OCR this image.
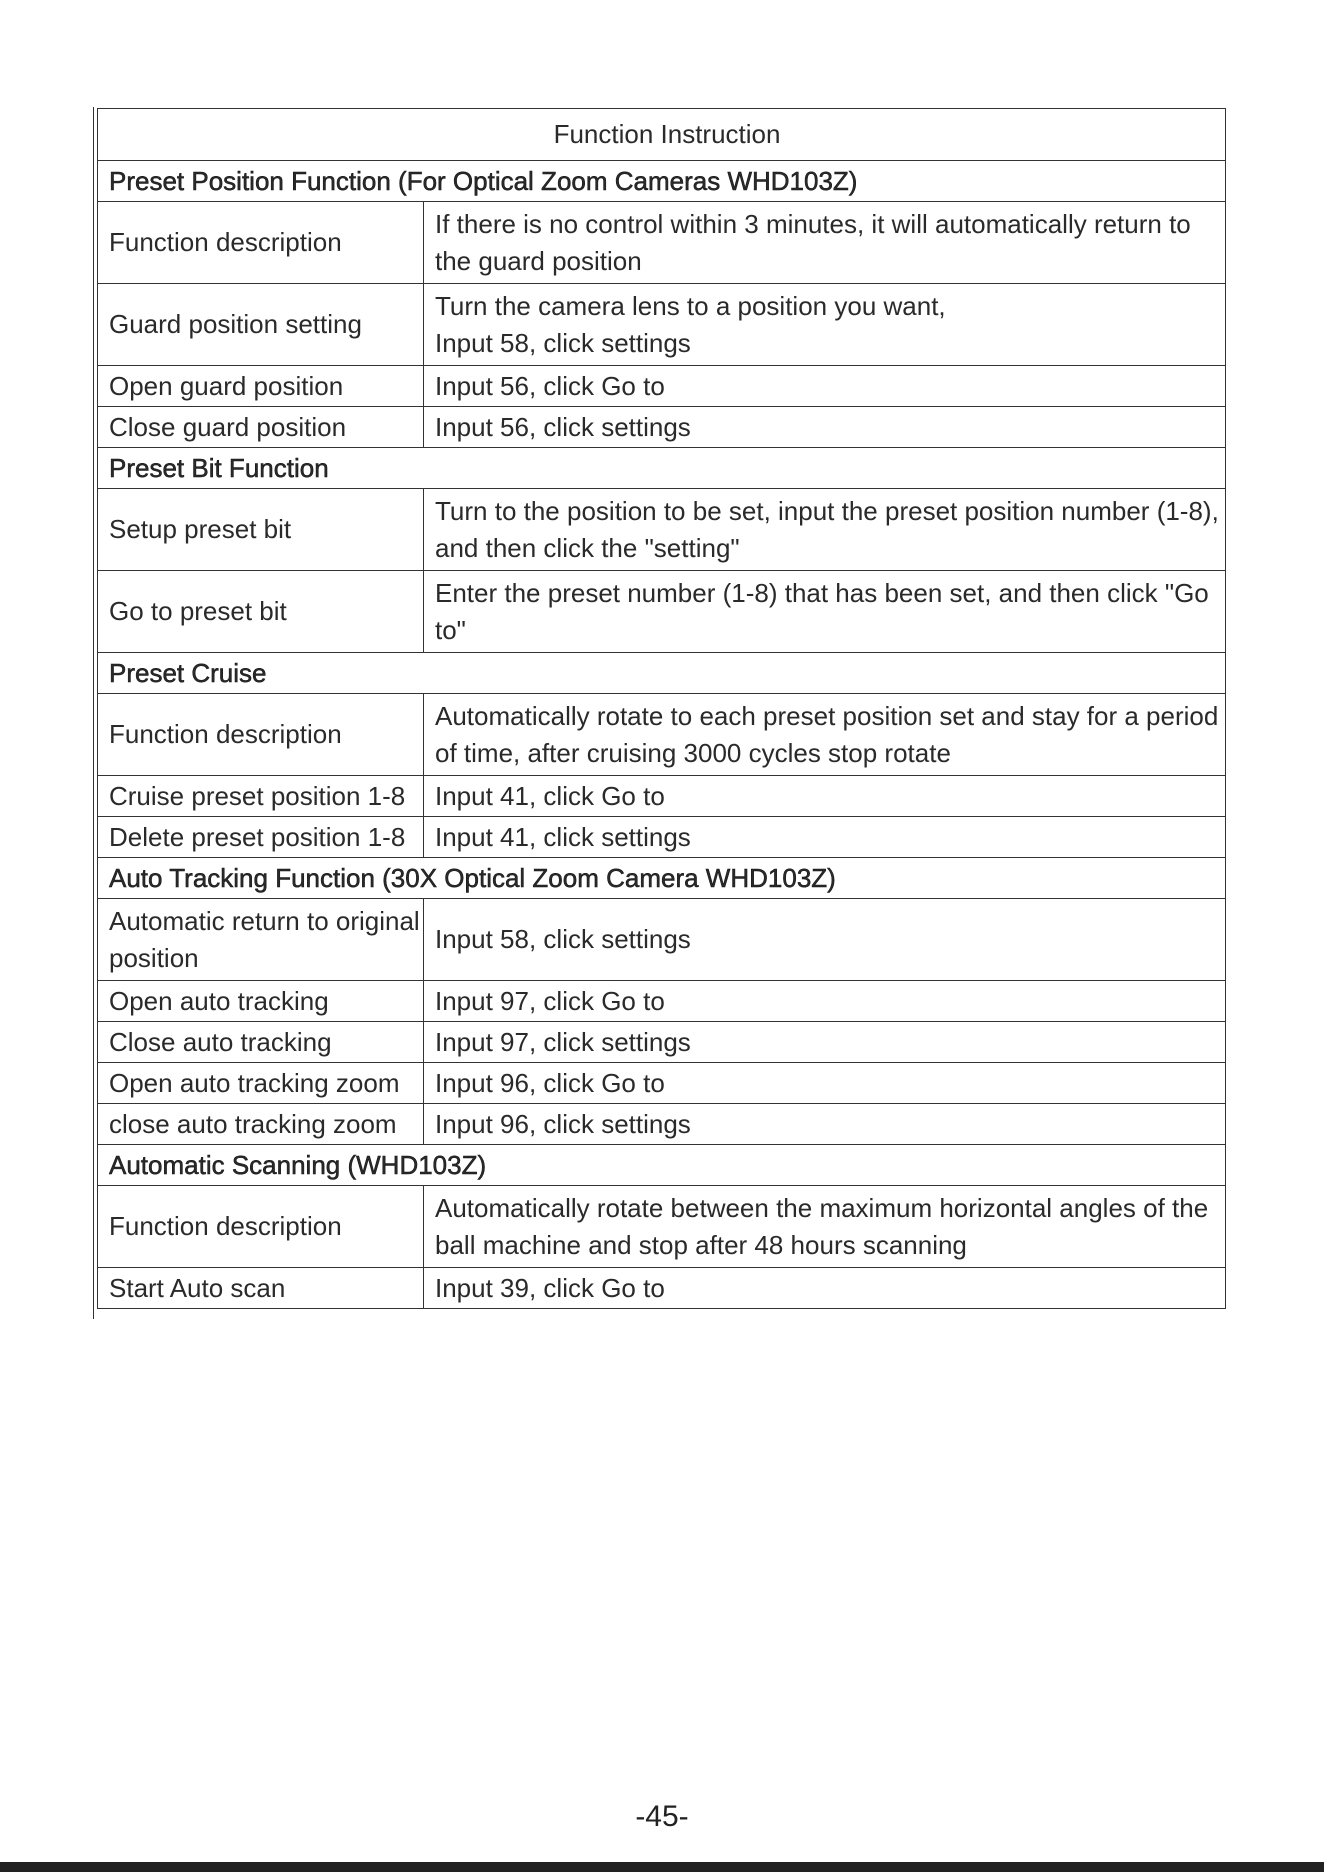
Function Instruction	
Preset Position Function (For Optical Zoom Cameras WHD103Z)	
Function description	If there is no control within 3 minutes, it will automatically return to the guard position
Guard position setting	Turn the camera lens to a position you want,
Input 58, click settings
Open guard position	Input 56, click Go to
Close guard position	Input 56, click settings
Preset Bit Function	
Setup preset bit	Turn to the position to be set, input the preset position number (1-8), and then click the "setting"
Go to preset bit	Enter the preset number (1-8) that has been set, and then click "Go to"
Preset Cruise	
Function description	Automatically rotate to each preset position set and stay for a period of time, after cruising 3000 cycles stop rotate
Cruise preset position 1-8	Input 41, click Go to
Delete preset position 1-8	Input 41, click settings
Auto Tracking Function (30X Optical Zoom Camera WHD103Z)	
Automatic return to original position	Input 58, click settings
Open auto tracking	Input 97, click Go to
Close auto tracking	Input 97, click settings
Open auto tracking zoom	Input 96, click Go to
close auto tracking zoom	Input 96, click settings
Automatic Scanning (WHD103Z)	
Function description	Automatically rotate between the maximum horizontal angles of the ball machine and stop after 48 hours scanning
Start Auto scan	Input 39, click Go to
-45-
